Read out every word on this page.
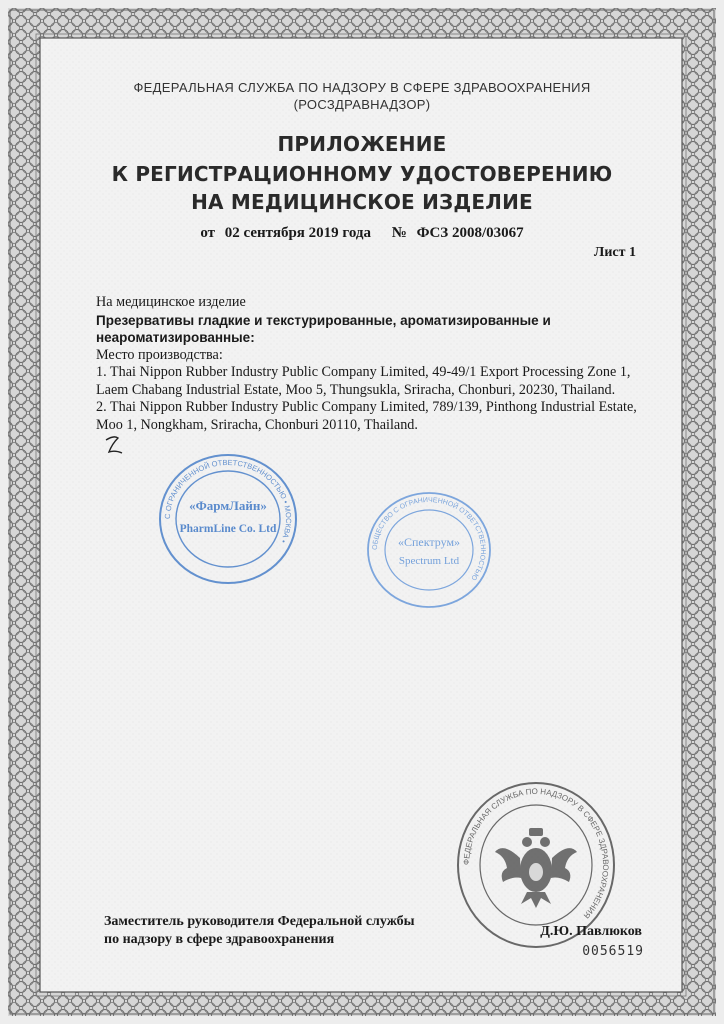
ФЕДЕРАЛЬНАЯ СЛУЖБА ПО НАДЗОРУ В СФЕРЕ ЗДРАВООХРАНЕНИЯ
(РОСЗДРАВНАДЗОР)
ПРИЛОЖЕНИЕ
К РЕГИСТРАЦИОННОМУ УДОСТОВЕРЕНИЮ
НА МЕДИЦИНСКОЕ ИЗДЕЛИЕ
от 02 сентября 2019 года № ФСЗ 2008/03067
Лист 1
На медицинское изделие
Презервативы гладкие и текстурированные, ароматизированные и неароматизированные:
Место производства:
1. Thai Nippon Rubber Industry Public Company Limited, 49-49/1 Export Processing Zone 1, Laem Chabang Industrial Estate, Moo 5, Thungsukla, Sriracha, Chonburi, 20230, Thailand.
2. Thai Nippon Rubber Industry Public Company Limited, 789/139, Pinthong Industrial Estate, Moo 1, Nongkham, Sriracha, Chonburi 20110, Thailand.
С ОГРАНИЧЕННОЙ ОТВЕТСТВЕННОСТЬЮ • МОСКВА •
«ФармЛайн»
PharmLine Co. Ltd
ОБЩЕСТВО С ОГРАНИЧЕННОЙ ОТВЕТСТВЕННОСТЬЮ
«Спектрум»
Spectrum Ltd
ФЕДЕРАЛЬНАЯ СЛУЖБА ПО НАДЗОРУ В СФЕРЕ ЗДРАВООХРАНЕНИЯ
Заместитель руководителя Федеральной службы
по надзору в сфере здравоохранения
Д.Ю. Павлюков
0056519
